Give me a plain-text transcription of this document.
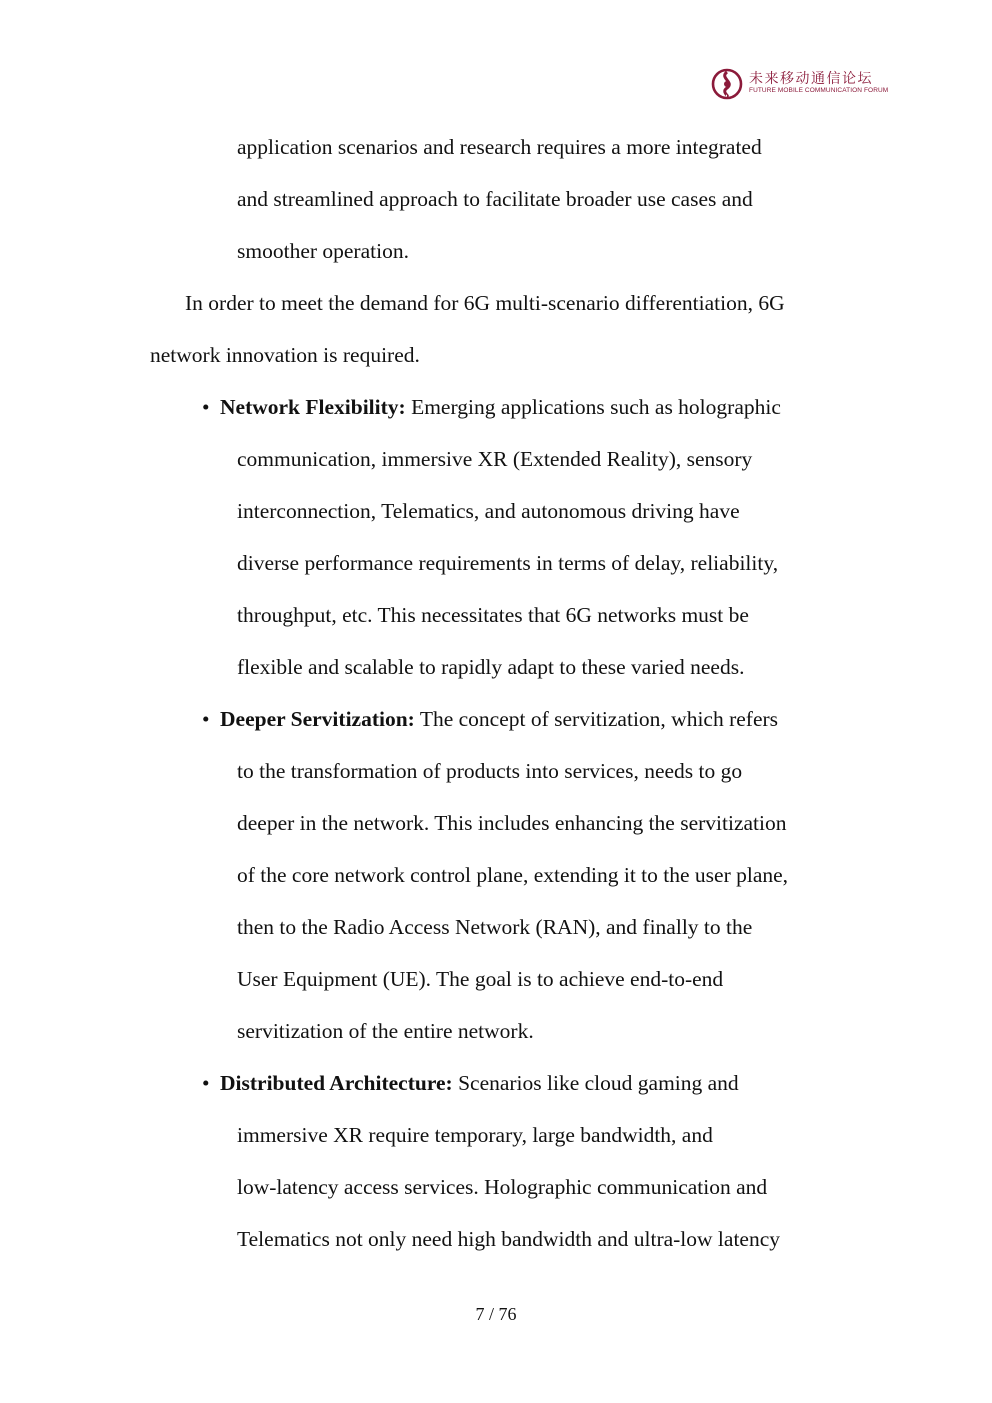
未来移动通信论坛
FUTURE MOBILE COMMUNICATION FORUM
application scenarios and research requires a more integrated
and streamlined approach to facilitate broader use cases and
smoother operation.
In order to meet the demand for 6G multi-scenario differentiation, 6G
network innovation is required.
• Network Flexibility: Emerging applications such as holographic
communication, immersive XR (Extended Reality), sensory
interconnection, Telematics, and autonomous driving have
diverse performance requirements in terms of delay, reliability,
throughput, etc. This necessitates that 6G networks must be
flexible and scalable to rapidly adapt to these varied needs.
• Deeper Servitization: The concept of servitization, which refers
to the transformation of products into services, needs to go
deeper in the network. This includes enhancing the servitization
of the core network control plane, extending it to the user plane,
then to the Radio Access Network (RAN), and finally to the
User Equipment (UE). The goal is to achieve end-to-end
servitization of the entire network.
• Distributed Architecture: Scenarios like cloud gaming and
immersive XR require temporary, large bandwidth, and
low-latency access services. Holographic communication and
Telematics not only need high bandwidth and ultra-low latency
7 / 76
